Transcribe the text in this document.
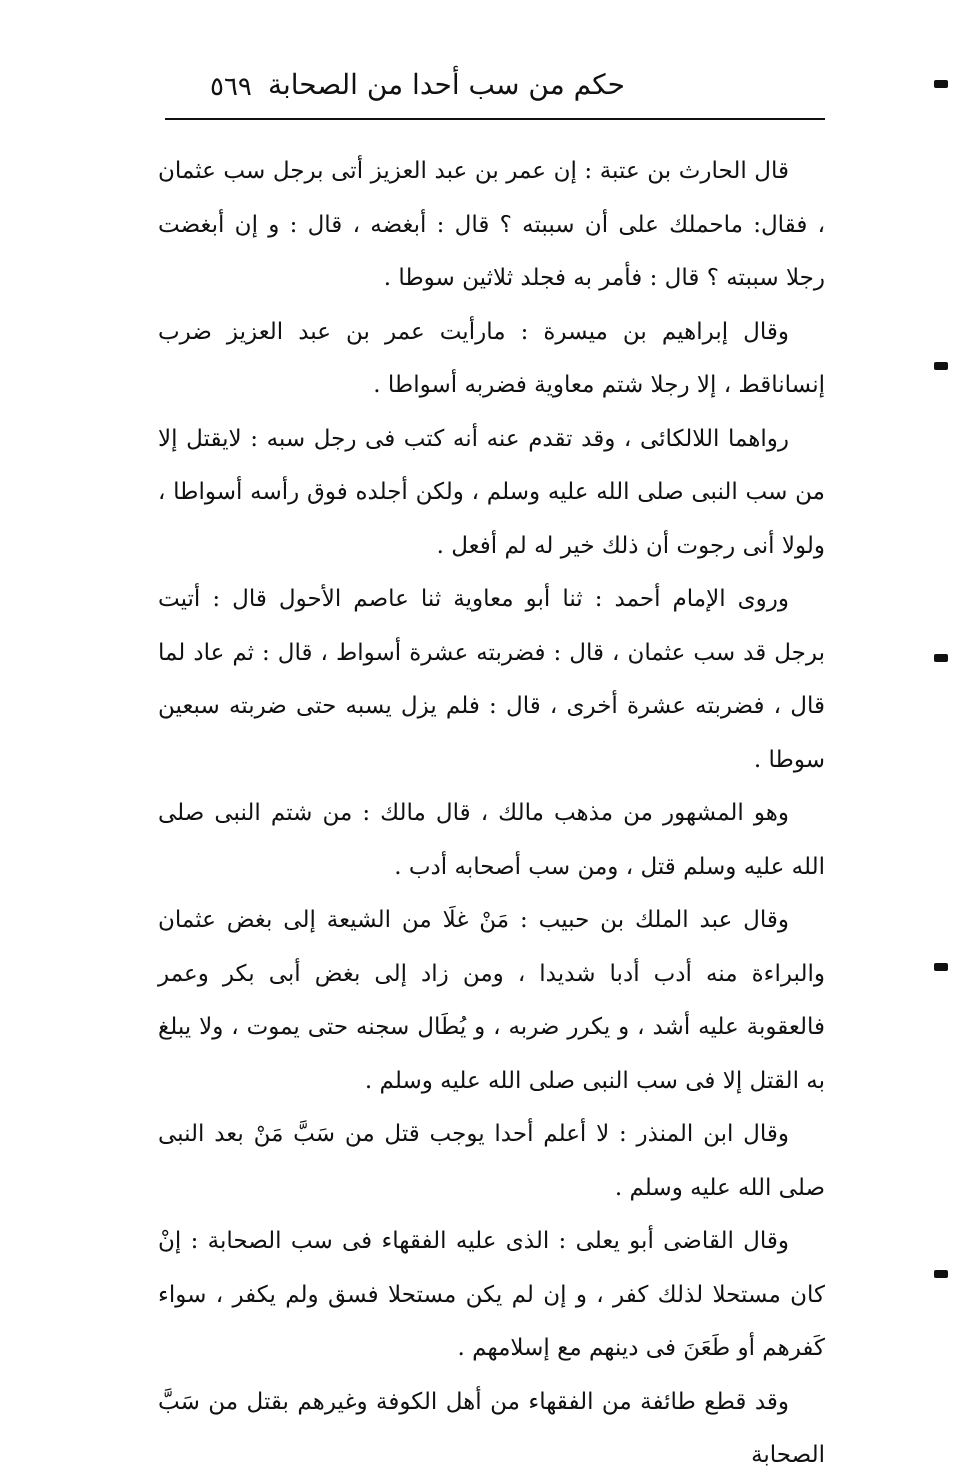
حكم من سب أحدا من الصحابة
٥٦٩

قال الحارث بن عتبة : إن عمر بن عبد العزيز أتى برجل سب عثمان ، فقال: ماحملك على أن سببته ؟ قال : أبغضه ، قال : و إن أبغضت رجلا سببته ؟ قال : فأمر به فجلد ثلاثين سوطا .

وقال إبراهيم بن ميسرة : مارأيت عمر بن عبد العزيز ضرب إنساناقط ، إلا رجلا شتم معاوية فضربه أسواطا .

رواهما اللالكائى ، وقد تقدم عنه أنه كتب فى رجل سبه : لايقتل إلا من سب النبى صلى الله عليه وسلم ، ولكن أجلده فوق رأسه أسواطا ، ولولا أنى رجوت أن ذلك خير له لم أفعل .

وروى الإمام أحمد : ثنا أبو معاوية ثنا عاصم الأحول قال : أتيت برجل قد سب عثمان ، قال : فضربته عشرة أسواط ، قال : ثم عاد لما قال ، فضربته عشرة أخرى ، قال : فلم يزل يسبه حتى ضربته سبعين سوطا .

وهو المشهور من مذهب مالك ، قال مالك : من شتم النبى صلى الله عليه وسلم قتل ، ومن سب أصحابه أدب .

وقال عبد الملك بن حبيب : مَنْ غلَا من الشيعة إلى بغض عثمان والبراءة منه أدب أدبا شديدا ، ومن زاد إلى بغض أبى بكر وعمر فالعقوبة عليه أشد ، و يكرر ضربه ، و يُطَال سجنه حتى يموت ، ولا يبلغ به القتل إلا فى سب النبى صلى الله عليه وسلم .

وقال ابن المنذر : لا أعلم أحدا يوجب قتل من سَبَّ مَنْ بعد النبى صلى الله عليه وسلم .

وقال القاضى أبو يعلى : الذى عليه الفقهاء فى سب الصحابة : إنْ كان مستحلا لذلك كفر ، و إن لم يكن مستحلا فسق ولم يكفر ، سواء كَفرهم أو طَعَنَ فى دينهم مع إسلامهم .

وقد قطع طائفة من الفقهاء من أهل الكوفة وغيرهم بقتل من سَبَّ الصحابة
